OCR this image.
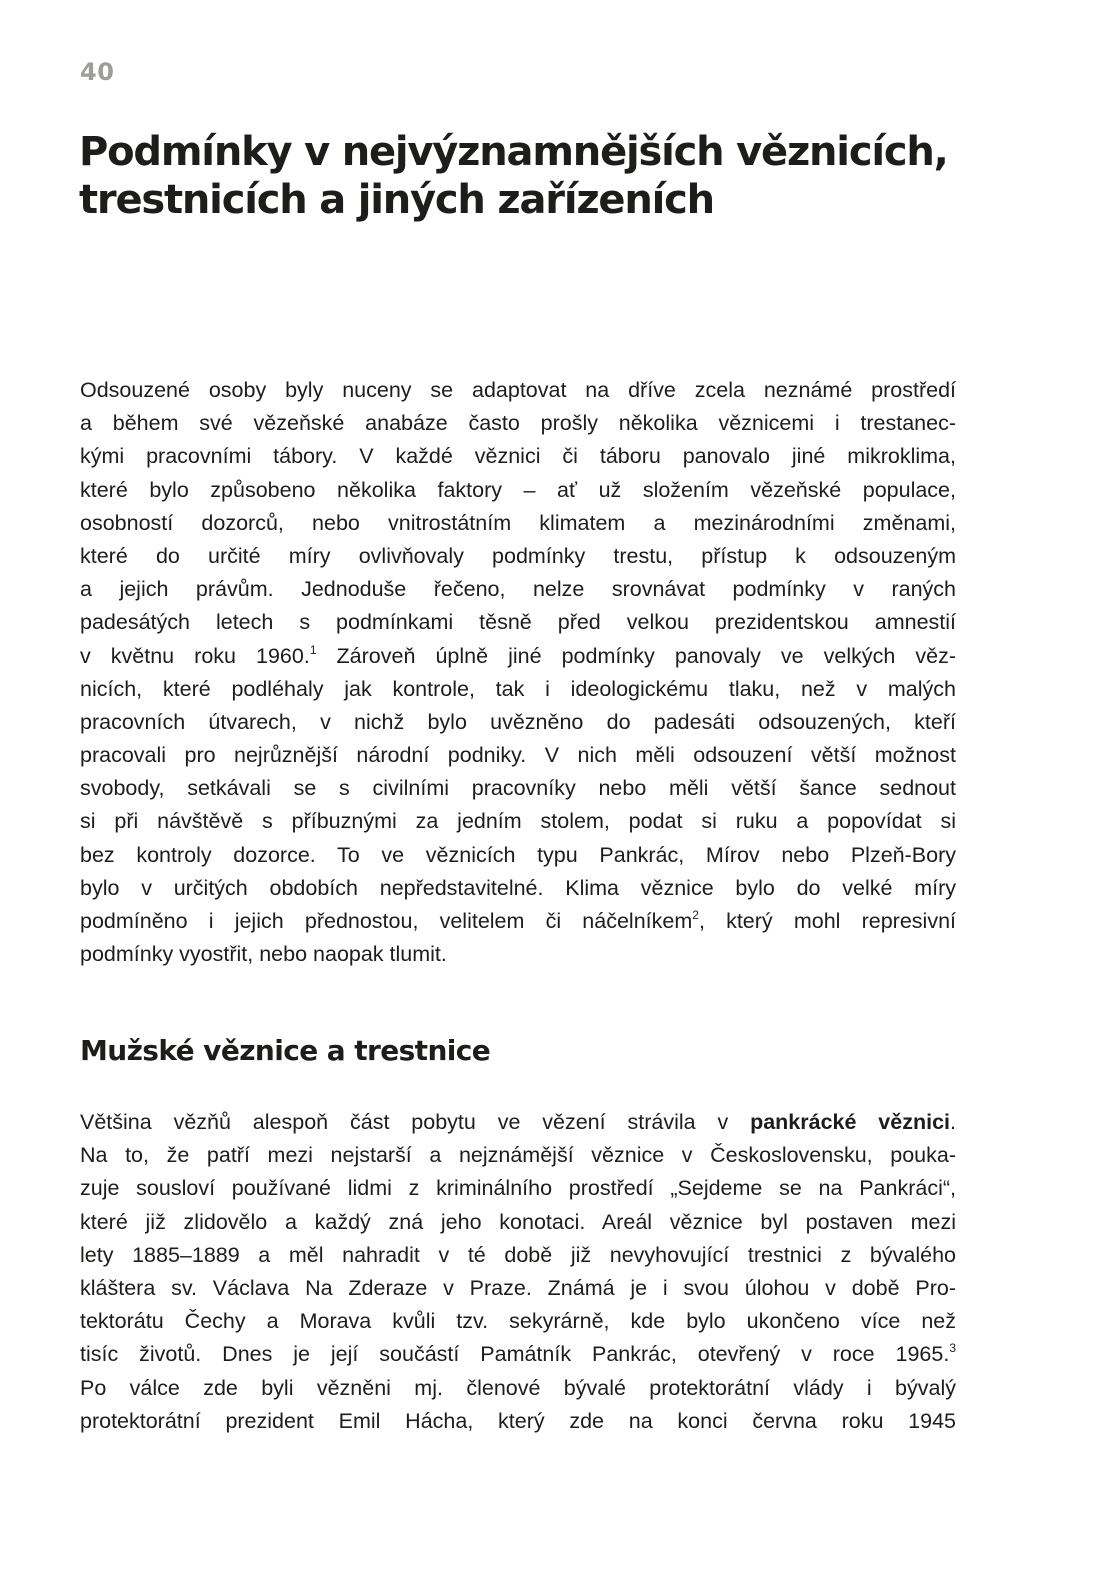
40
Podmínky v nejvýznamnějších věznicích,
trestnicích a jiných zařízeních
Odsouzené osoby byly nuceny se adaptovat na dříve zcela neznámé prostředí
a během své vězeňské anabáze často prošly několika věznicemi i trestanec-
kými pracovními tábory. V každé věznici či táboru panovalo jiné mikroklima,
které bylo způsobeno několika faktory – ať už složením vězeňské populace,
osobností dozorců, nebo vnitrostátním klimatem a mezinárodními změnami,
které do určité míry ovlivňovaly podmínky trestu, přístup k odsouzeným
a jejich právům. Jednoduše řečeno, nelze srovnávat podmínky v raných
padesátých letech s podmínkami těsně před velkou prezidentskou amnestií
v květnu roku 1960.$^1$ Zároveň úplně jiné podmínky panovaly ve velkých věz-
nicích, které podléhaly jak kontrole, tak i ideologickému tlaku, než v malých
pracovních útvarech, v nichž bylo uvězněno do padesáti odsouzených, kteří
pracovali pro nejrůznější národní podniky. V nich měli odsouzení větší možnost
svobody, setkávali se s civilními pracovníky nebo měli větší šance sednout
si při návštěvě s příbuznými za jedním stolem, podat si ruku a popovídat si
bez kontroly dozorce. To ve věznicích typu Pankrác, Mírov nebo Plzeň-Bory
bylo v určitých obdobích nepředstavitelné. Klima věznice bylo do velké míry
podmíněno i jejich přednostou, velitelem či náčelníkem$^2$, který mohl represivní
podmínky vyostřit, nebo naopak tlumit.
Mužské věznice a trestnice
Většina vězňů alespoň část pobytu ve vězení strávila v pankrácké věznici.
Na to, že patří mezi nejstarší a nejznámější věznice v Československu, pouka-
zuje sousloví používané lidmi z kriminálního prostředí „Sejdeme se na Pankráci“,
které již zlidovělo a každý zná jeho konotaci. Areál věznice byl postaven mezi
lety 1885–1889 a měl nahradit v té době již nevyhovující trestnici z bývalého
kláštera sv. Václava Na Zderaze v Praze. Známá je i svou úlohou v době Pro-
tektorátu Čechy a Morava kvůli tzv. sekyrárně, kde bylo ukončeno více než
tisíc životů. Dnes je její součástí Památník Pankrác, otevřený v roce 1965.$^3$
Po válce zde byli vězněni mj. členové bývalé protektorátní vlády i bývalý
protektorátní prezident Emil Hácha, který zde na konci června roku 1945
